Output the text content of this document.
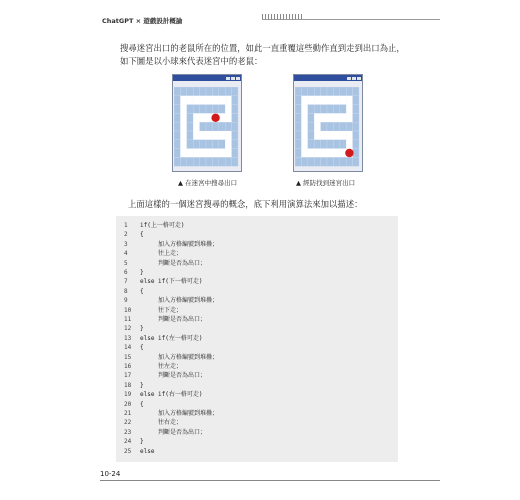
ChatGPT × 遊戲設計概論
搜尋迷宮出口的老鼠所在的位置，如此一直重覆這些動作直到走到出口為止，如下圖是以小球來代表迷宮中的老鼠：
▲ 在迷宮中搜尋出口	▲ 經防找到迷宮出口
上面這樣的一個迷宮搜尋的概念，底下利用演算法來加以描述：
1	if(上一格可走)
2	{
3	加入方格編號到堆疊；
4	往上走；
5	判斷是否為出口；
6	}
7	else if(下一格可走)
8	{
9	加入方格編號到堆疊；
10	往下走；
11	判斷是否為出口；
12	}
13	else if(左一格可走)
14	{
15	加入方格編號到堆疊；
16	往左走；
17	判斷是否為出口；
18	}
19	else if(右一格可走)
20	{
21	加入方格編號到堆疊；
22	往右走；
23	判斷是否為出口；
24	}
25	else
10-24
